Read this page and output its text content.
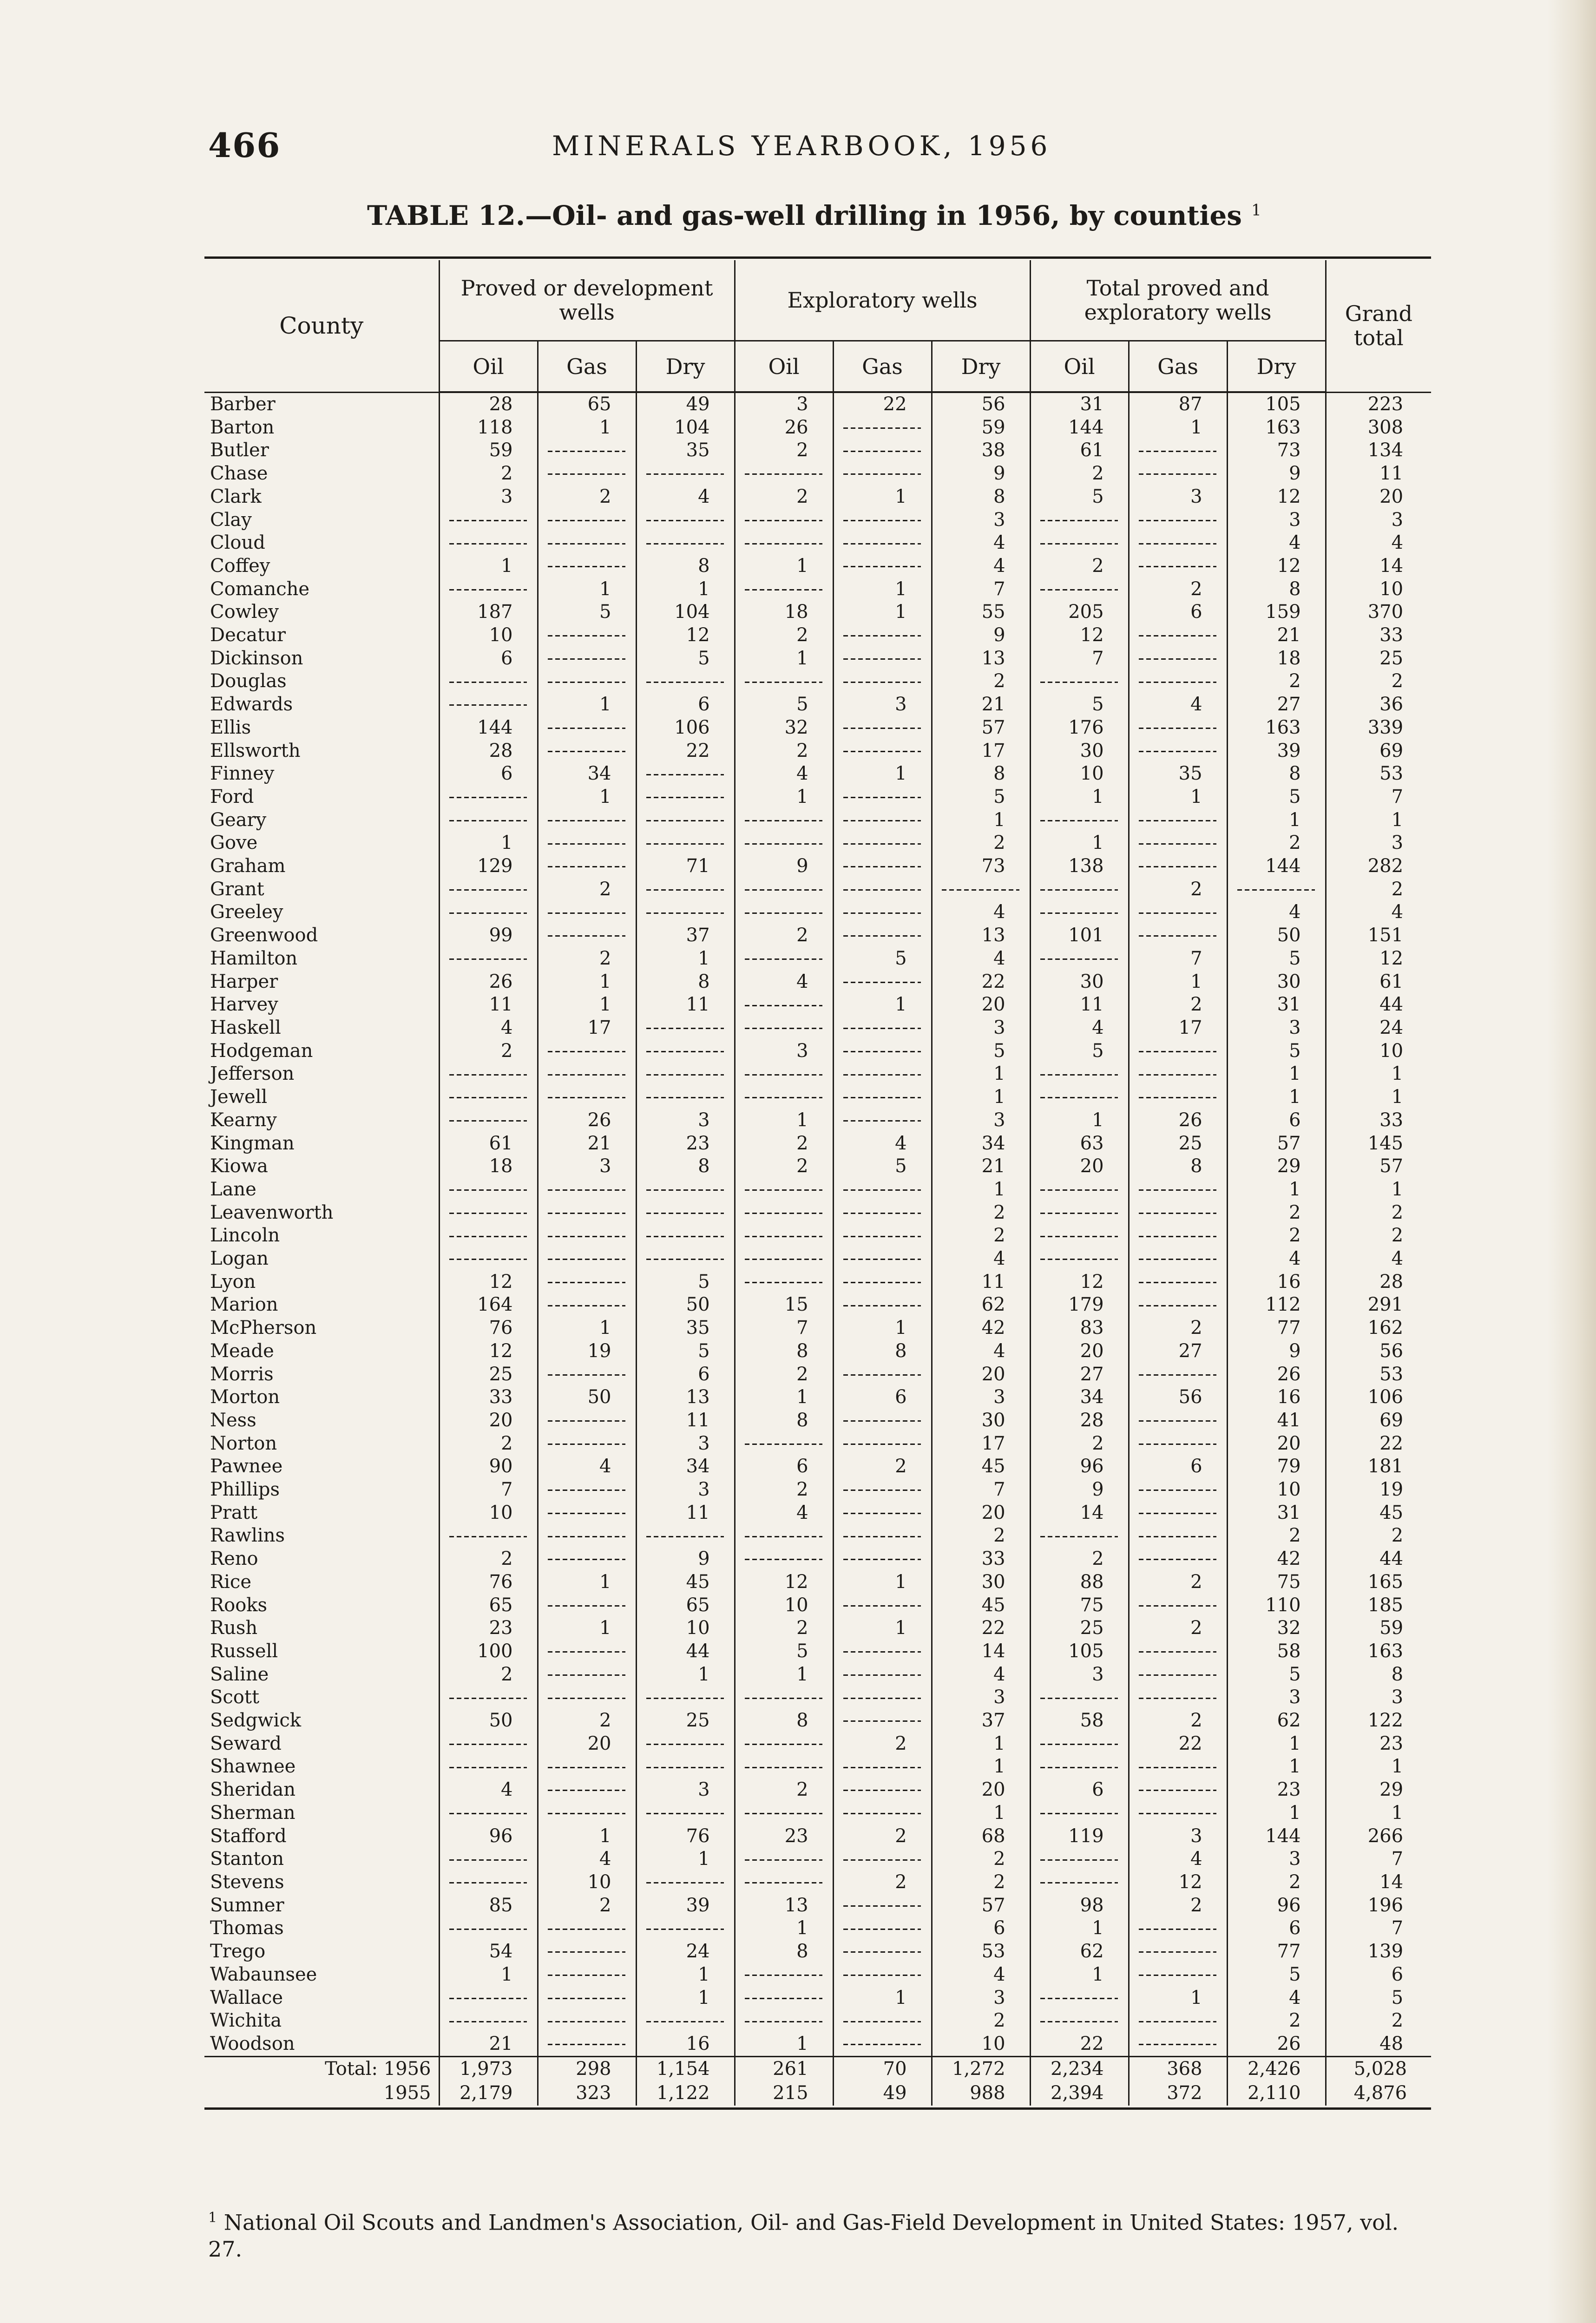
466	MINERALS YEARBOOK, 1956
TABLE 12.—Oil- and gas-well drilling in 1956, by counties $^1$
County	Proved or development wells			Exploratory wells			Total proved and exploratory wells			Grand total
	Oil	Gas	Dry	Oil	Gas	Dry	Oil	Gas	Dry	
Barber	28	65	49	3	22	56	31	87	105	223
Barton	118	1	104	26		59	144	1	163	308
Butler	59		35	2		38	61		73	134
Chase	2					9	2		9	11
Clark	3	2	4	2	1	8	5	3	12	20
Clay						3			3	3
Cloud						4			4	4
Coffey	1		8	1		4	2		12	14
Comanche		1	1		1	7		2	8	10
Cowley	187	5	104	18	1	55	205	6	159	370
Decatur	10		12	2		9	12		21	33
Dickinson	6		5	1		13	7		18	25
Douglas						2			2	2
Edwards		1	6	5	3	21	5	4	27	36
Ellis	144		106	32		57	176		163	339
Ellsworth	28		22	2		17	30		39	69
Finney	6	34		4	1	8	10	35	8	53
Ford		1		1		5	1	1	5	7
Geary						1			1	1
Gove	1					2	1		2	3
Graham	129		71	9		73	138		144	282
Grant		2						2		2
Greeley						4			4	4
Greenwood	99		37	2		13	101		50	151
Hamilton		2	1		5	4		7	5	12
Harper	26	1	8	4		22	30	1	30	61
Harvey	11	1	11		1	20	11	2	31	44
Haskell	4	17				3	4	17	3	24
Hodgeman	2			3		5	5		5	10
Jefferson						1			1	1
Jewell						1			1	1
Kearny		26	3	1		3	1	26	6	33
Kingman	61	21	23	2	4	34	63	25	57	145
Kiowa	18	3	8	2	5	21	20	8	29	57
Lane						1			1	1
Leavenworth						2			2	2
Lincoln						2			2	2
Logan						4			4	4
Lyon	12		5			11	12		16	28
Marion	164		50	15		62	179		112	291
McPherson	76	1	35	7	1	42	83	2	77	162
Meade	12	19	5	8	8	4	20	27	9	56
Morris	25		6	2		20	27		26	53
Morton	33	50	13	1	6	3	34	56	16	106
Ness	20		11	8		30	28		41	69
Norton	2		3			17	2		20	22
Pawnee	90	4	34	6	2	45	96	6	79	181
Phillips	7		3	2		7	9		10	19
Pratt	10		11	4		20	14		31	45
Rawlins						2			2	2
Reno	2		9			33	2		42	44
Rice	76	1	45	12	1	30	88	2	75	165
Rooks	65		65	10		45	75		110	185
Rush	23	1	10	2	1	22	25	2	32	59
Russell	100		44	5		14	105		58	163
Saline	2		1	1		4	3		5	8
Scott						3			3	3
Sedgwick	50	2	25	8		37	58	2	62	122
Seward		20			2	1		22	1	23
Shawnee						1			1	1
Sheridan	4		3	2		20	6		23	29
Sherman						1			1	1
Stafford	96	1	76	23	2	68	119	3	144	266
Stanton		4	1			2		4	3	7
Stevens		10			2	2		12	2	14
Sumner	85	2	39	13		57	98	2	96	196
Thomas				1		6	1		6	7
Trego	54		24	8		53	62		77	139
Wabaunsee	1		1			4	1		5	6
Wallace			1		1	3		1	4	5
Wichita						2			2	2
Woodson	21		16	1		10	22		26	48
Total: 1956	1,973	298	1,154	261	70	1,272	2,234	368	2,426	5,028
1955	2,179	323	1,122	215	49	988	2,394	372	2,110	4,876
$^1$ National Oil Scouts and Landmen's Association, Oil- and Gas-Field Development in United States: 1957, vol. 27.
